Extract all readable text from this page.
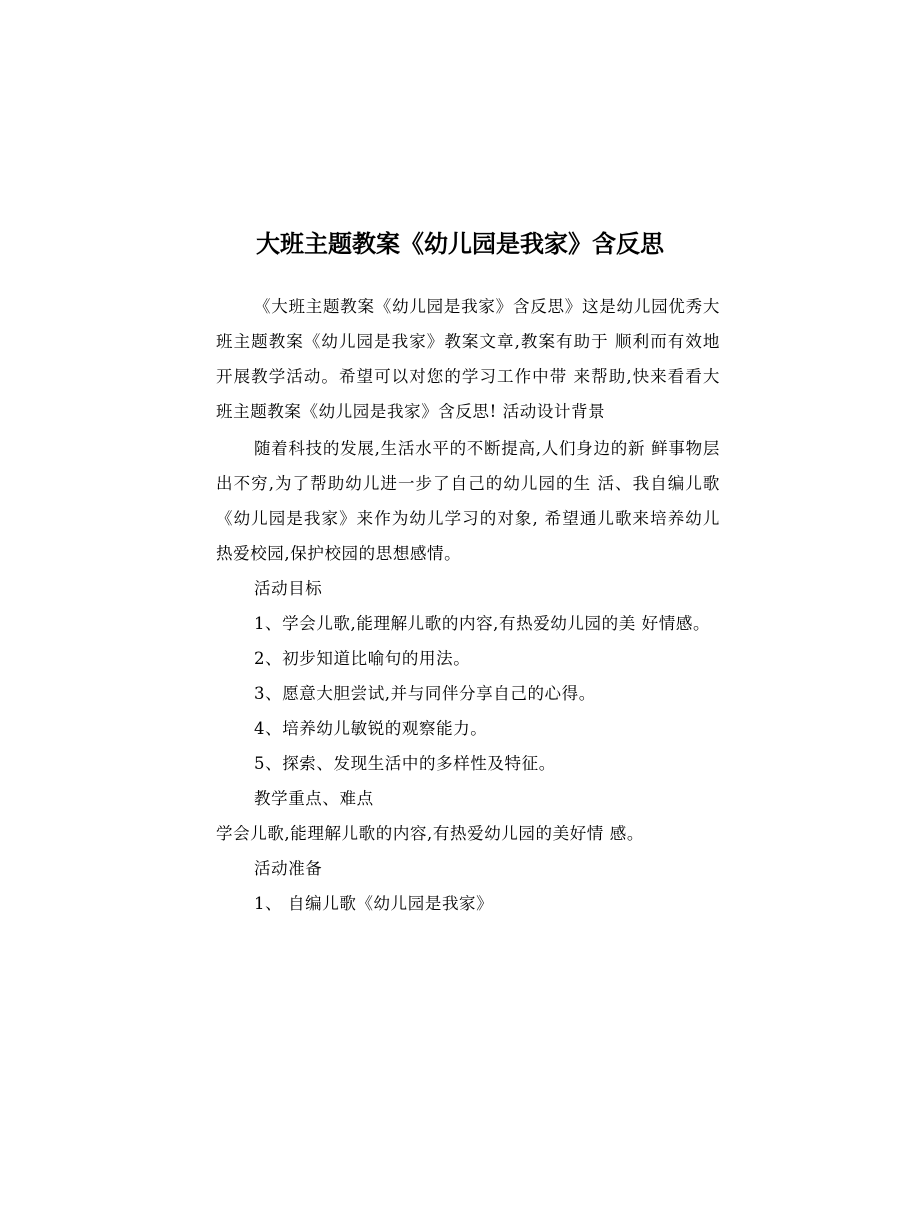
大班主题教案《幼儿园是我家》含反思

《大班主题教案《幼儿园是我家》含反思》这是幼儿园优秀大班主题教案《幼儿园是我家》教案文章,教案有助于 顺利而有效地开展教学活动。希望可以对您的学习工作中带 来帮助,快来看看大班主题教案《幼儿园是我家》含反思! 活动设计背景

随着科技的发展,生活水平的不断提高,人们身边的新 鲜事物层出不穷,为了帮助幼儿进一步了自己的幼儿园的生 活、我自编儿歌《幼儿园是我家》来作为幼儿学习的对象, 希望通儿歌来培养幼儿热爱校园,保护校园的思想感情。

活动目标

1、学会儿歌,能理解儿歌的内容,有热爱幼儿园的美 好情感。

2、初步知道比喻句的用法。

3、愿意大胆尝试,并与同伴分享自己的心得。

4、培养幼儿敏锐的观察能力。

5、探索、发现生活中的多样性及特征。

教学重点、难点

学会儿歌,能理解儿歌的内容,有热爱幼儿园的美好情 感。

活动准备

1、 自编儿歌《幼儿园是我家》
